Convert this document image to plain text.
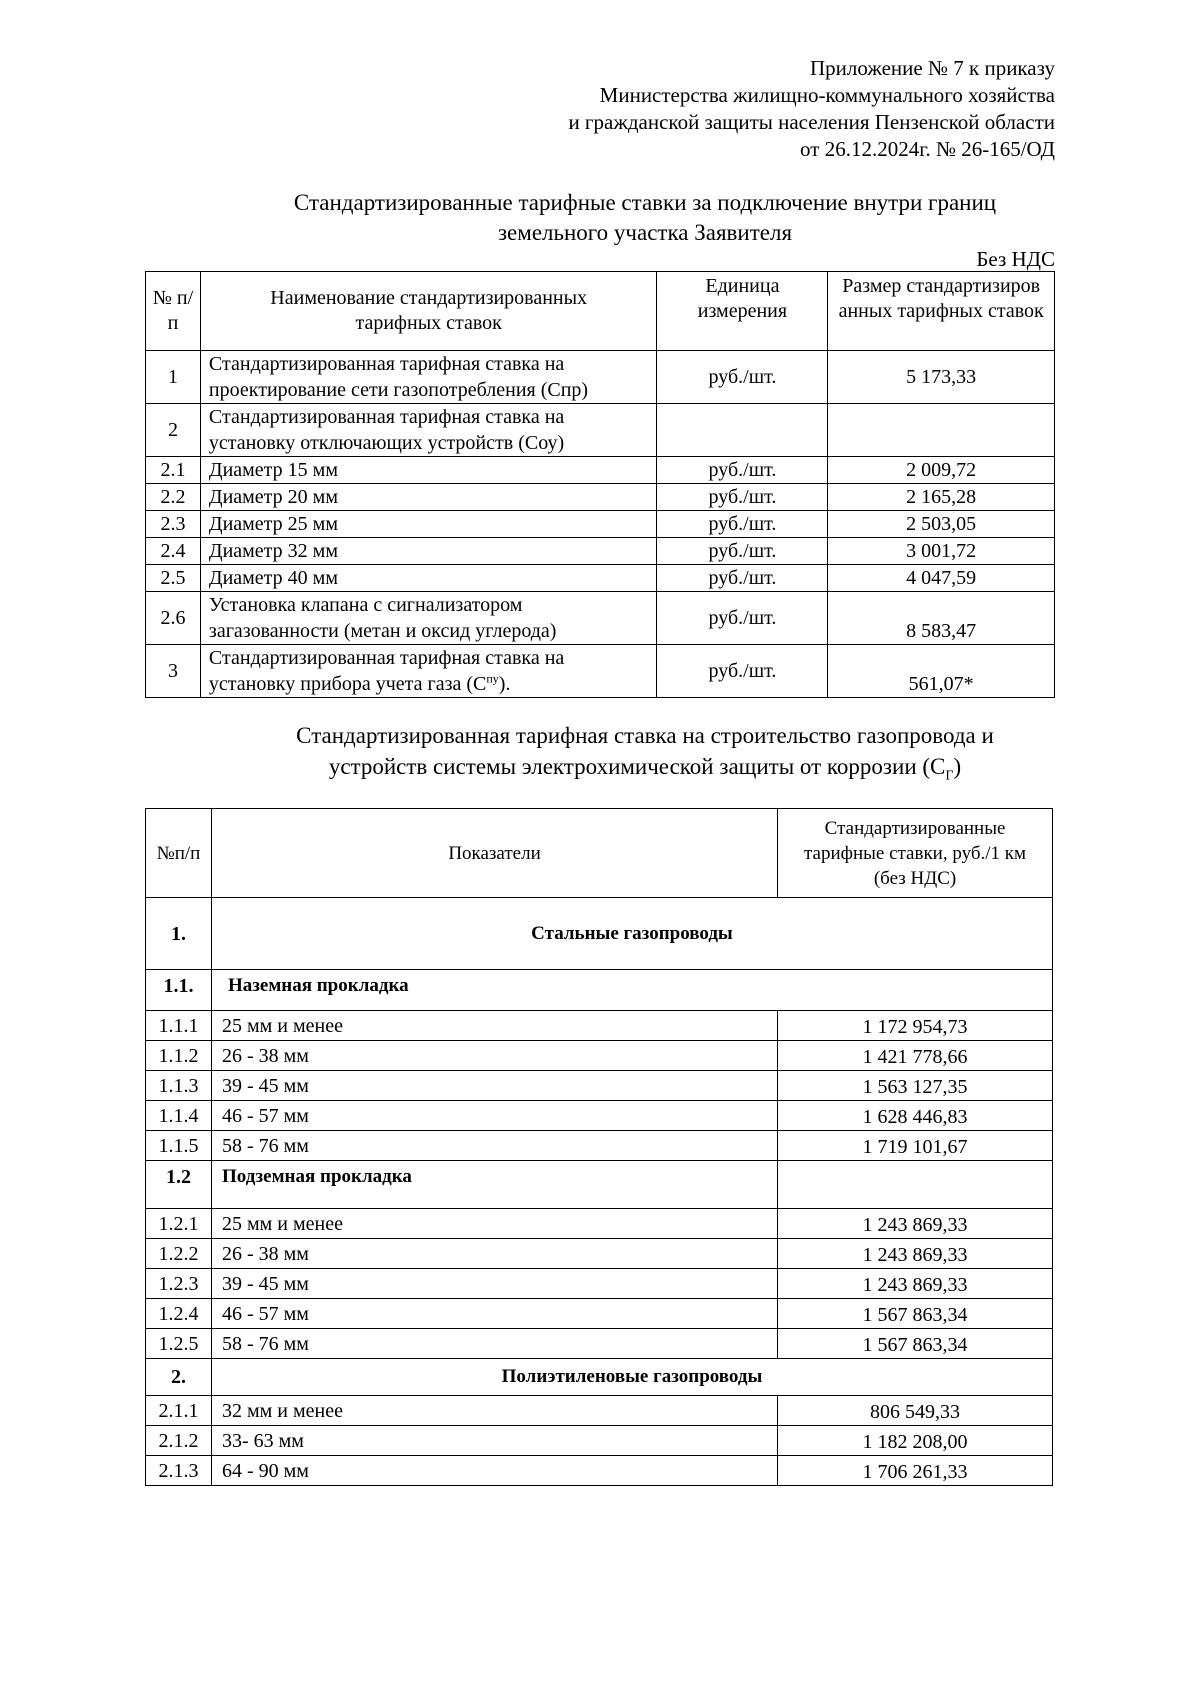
Приложение № 7 к приказу
Министерства жилищно-коммунального хозяйства
и гражданской защиты населения Пензенской области
от 26.12.2024г. № 26-165/ОД
Стандартизированные тарифные ставки за подключение внутри границ
земельного участка Заявителя
Без НДС
№ п/п	Наименование стандартизированных тарифных ставок	Единица измерения	Размер стандартизированных тарифных ставок
1	Стандартизированная тарифная ставка на проектирование сети газопотребления (Спр)	руб./шт.	5 173,33
2	Стандартизированная тарифная ставка на установку отключающих устройств (Соу)		
2.1	Диаметр 15 мм	руб./шт.	2 009,72
2.2	Диаметр 20 мм	руб./шт.	2 165,28
2.3	Диаметр 25 мм	руб./шт.	2 503,05
2.4	Диаметр 32 мм	руб./шт.	3 001,72
2.5	Диаметр 40 мм	руб./шт.	4 047,59
2.6	Установка клапана с сигнализатором загазованности (метан и оксид углерода)	руб./шт.	8 583,47
3	Стандартизированная тарифная ставка на установку прибора учета газа $(С^{пу})$.	руб./шт.	561,07*
Стандартизированная тарифная ставка на строительство газопровода и
устройств системы электрохимической защиты от коррозии $(С_Г)$
№п/п	Показатели	Стандартизированные тарифные ставки, руб./1 км (без НДС)
1.	Стальные газопроводы	
1.1.	Наземная прокладка	
1.1.1	25 мм и менее	1 172 954,73
1.1.2	26 - 38 мм	1 421 778,66
1.1.3	39 - 45 мм	1 563 127,35
1.1.4	46 - 57 мм	1 628 446,83
1.1.5	58 - 76 мм	1 719 101,67
1.2	Подземная прокладка	
1.2.1	25 мм и менее	1 243 869,33
1.2.2	26 - 38 мм	1 243 869,33
1.2.3	39 - 45 мм	1 243 869,33
1.2.4	46 - 57 мм	1 567 863,34
1.2.5	58 - 76 мм	1 567 863,34
2.	Полиэтиленовые газопроводы	
2.1.1	32 мм и менее	806 549,33
2.1.2	33- 63 мм	1 182 208,00
2.1.3	64 - 90 мм	1 706 261,33
